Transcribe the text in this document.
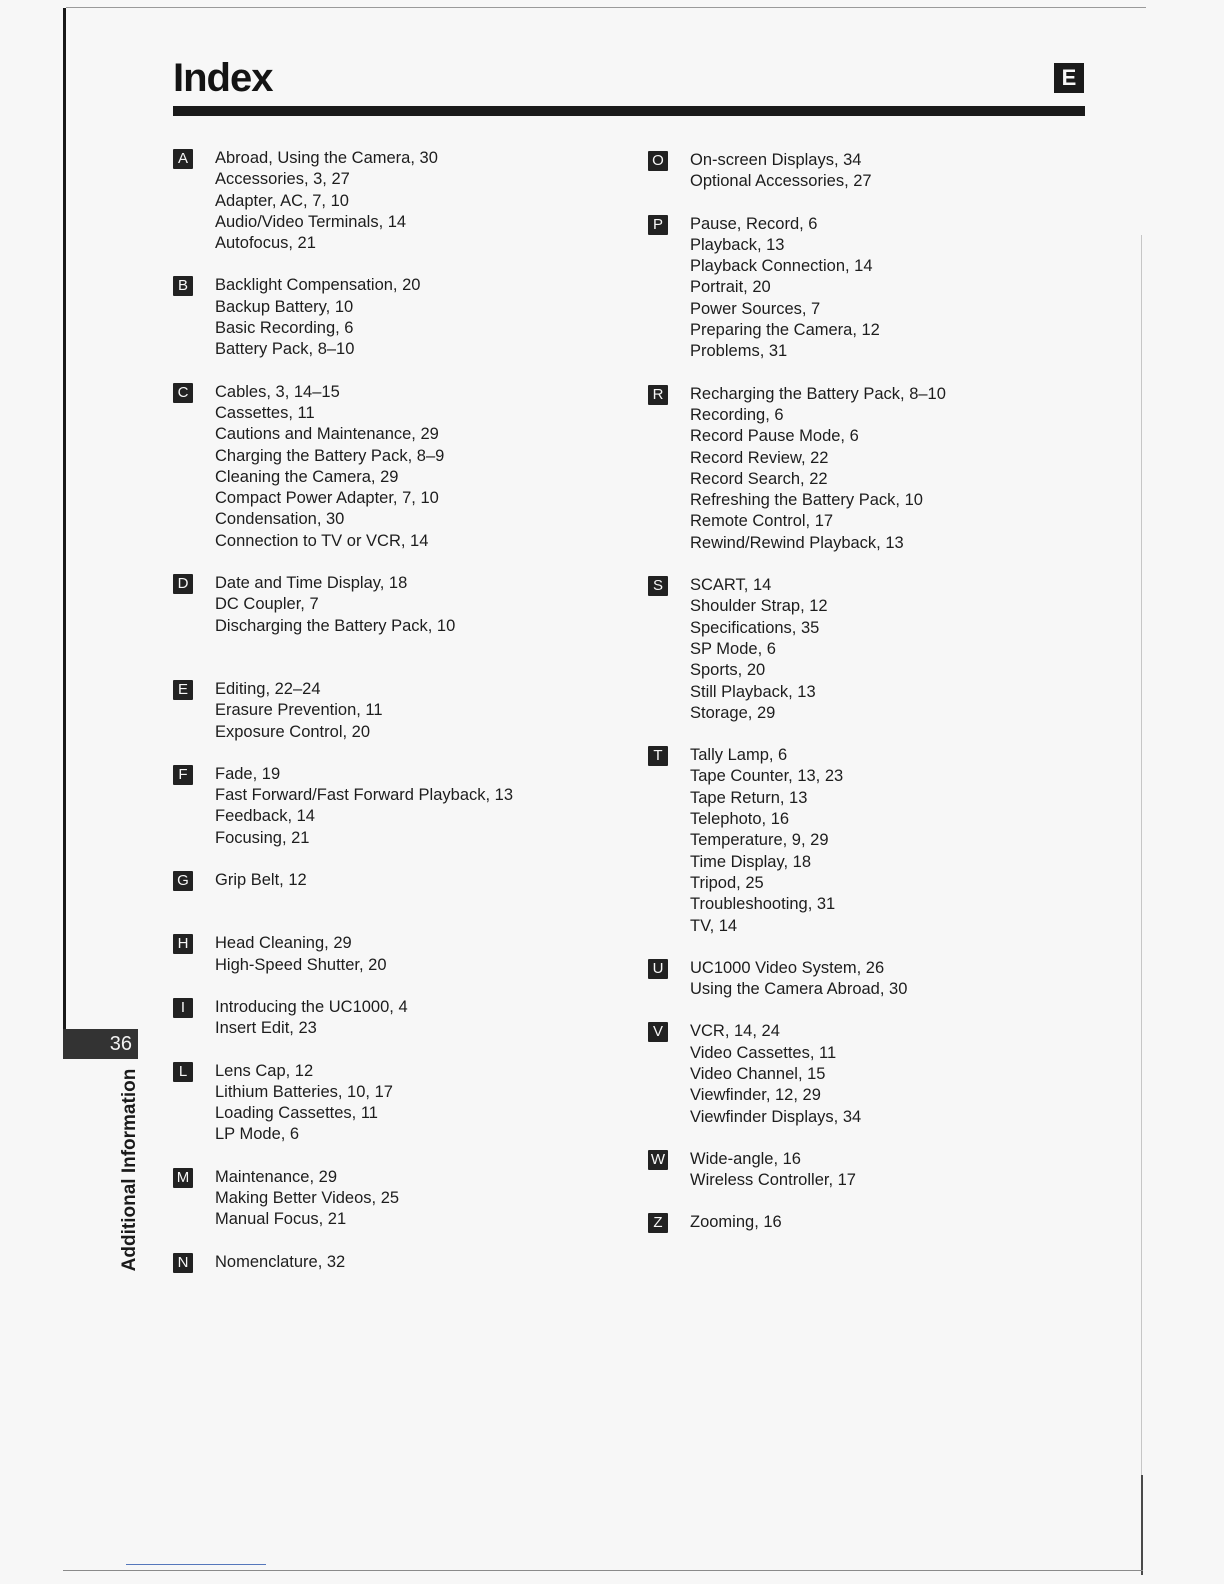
Index	E
36
Additional Information
A	Abroad, Using the Camera, 30
Accessories, 3, 27
Adapter, AC, 7, 10
Audio/Video Terminals, 14
Autofocus, 21
B	Backlight Compensation, 20
Backup Battery, 10
Basic Recording, 6
Battery Pack, 8–10
C Cables, 3, 14–15
Cassettes, 11
Cautions and Maintenance, 29
Charging the Battery Pack, 8–9
Cleaning the Camera, 29
Compact Power Adapter, 7, 10
Condensation, 30
Connection to TV or VCR, 14
D Date and Time Display, 18
DC Coupler, 7
Discharging the Battery Pack, 10
E	Editing, 22–24
Erasure Prevention, 11
Exposure Control, 20
F	Fade, 19
Fast Forward/Fast Forward Playback, 13
Feedback, 14
Focusing, 21
G Grip Belt, 12
H Head Cleaning, 29
High-Speed Shutter, 20
I	Introducing the UC1000, 4
Insert Edit, 23
L	Lens Cap, 12
Lithium Batteries, 10, 17
Loading Cassettes, 11
LP Mode, 6
M Maintenance, 29
Making Better Videos, 25
Manual Focus, 21
N Nomenclature, 32
O On-screen Displays, 34
Optional Accessories, 27
P	Pause, Record, 6
Playback, 13
Playback Connection, 14
Portrait, 20
Power Sources, 7
Preparing the Camera, 12
Problems, 31
R Recharging the Battery Pack, 8–10
Recording, 6
Record Pause Mode, 6
Record Review, 22
Record Search, 22
Refreshing the Battery Pack, 10
Remote Control, 17
Rewind/Rewind Playback, 13
S	SCART, 14
Shoulder Strap, 12
Specifications, 35
SP Mode, 6
Sports, 20
Still Playback, 13
Storage, 29
T	Tally Lamp, 6
Tape Counter, 13, 23
Tape Return, 13
Telephoto, 16
Temperature, 9, 29
Time Display, 18
Tripod, 25
Troubleshooting, 31
TV, 14
U UC1000 Video System, 26
Using the Camera Abroad, 30
V	VCR, 14, 24
Video Cassettes, 11
Video Channel, 15
Viewfinder, 12, 29
Viewfinder Displays, 34
W Wide-angle, 16
Wireless Controller, 17
Z	Zooming, 16
